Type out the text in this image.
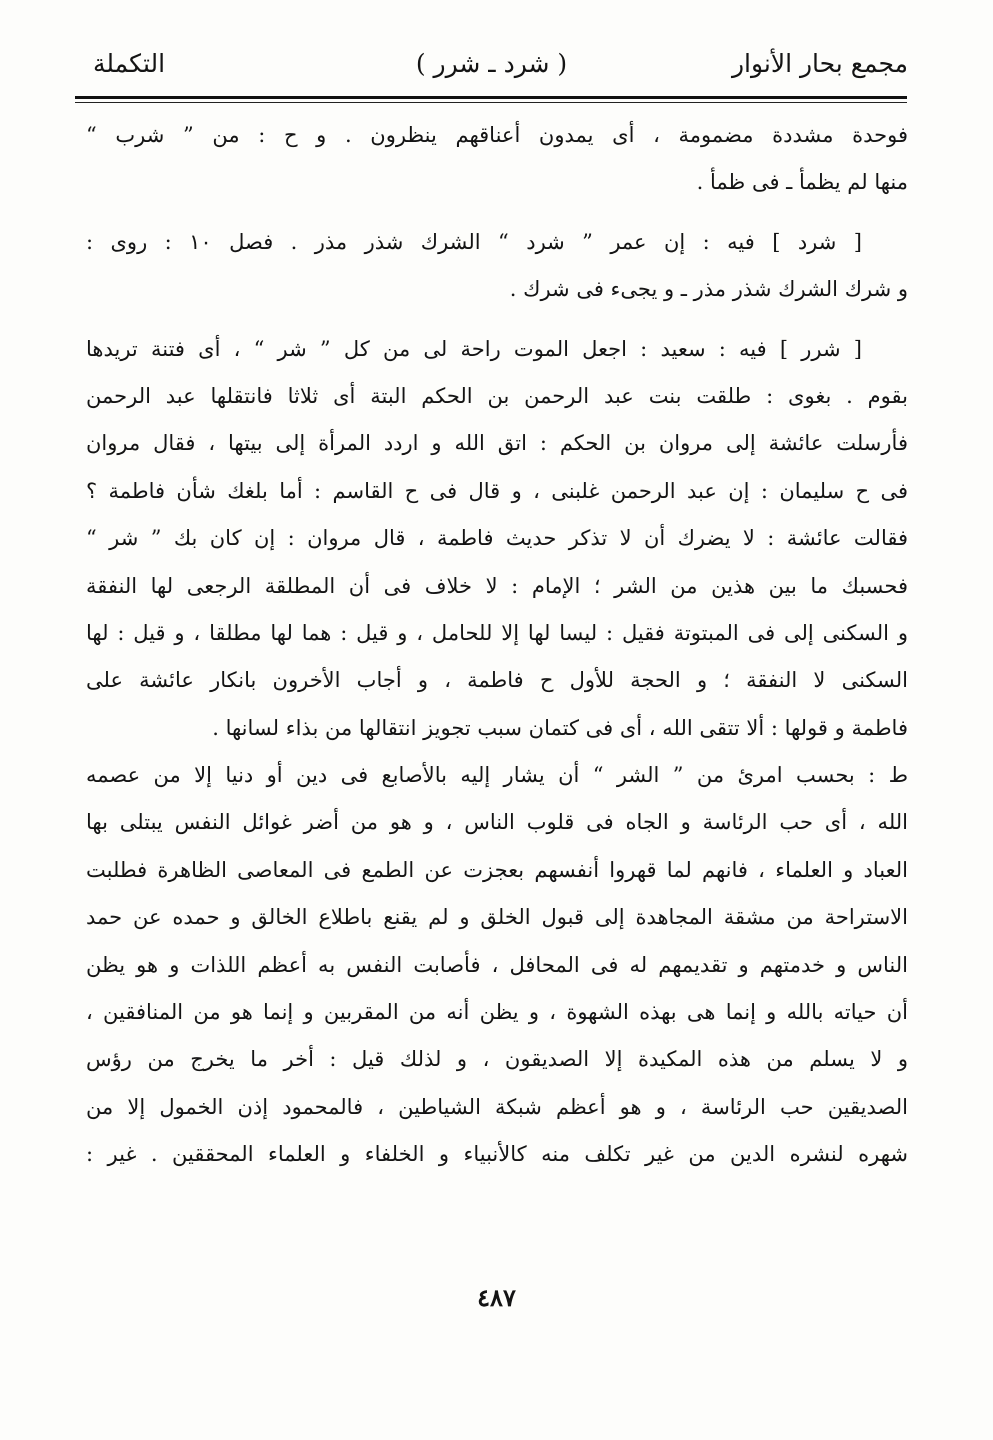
مجمع بحار الأنوار
( شرد ـ شرر )
التكملة
فوحدة مشددة مضمومة ، أى يمدون أعناقهم ينظرون . و ح : من ” شرب “
منها لم يظمأ ـ فى ظمأ .
[ شرد ] فيه : إن عمر ” شرد “ الشرك شذر مذر . فصل ١٠ : روى :
و شرك الشرك شذر مذر ـ و يجىء فى شرك .
[ شرر ] فيه : سعيد : اجعل الموت راحة لى من كل ” شر “ ، أى فتنة تريدها
بقوم . بغوى : طلقت بنت عبد الرحمن بن الحكم البتة أى ثلاثا فانتقلها عبد الرحمن
فأرسلت عائشة إلى مروان بن الحكم : اتق الله و اردد المرأة إلى بيتها ، فقال مروان
فى ح سليمان : إن عبد الرحمن غلبنى ، و قال فى ح القاسم : أما بلغك شأن فاطمة ؟
فقالت عائشة : لا يضرك أن لا تذكر حديث فاطمة ، قال مروان : إن كان بك ” شر “
فحسبك ما بين هذين من الشر ؛ الإمام : لا خلاف فى أن المطلقة الرجعى لها النفقة
و السكنى إلى فى المبتوتة فقيل : ليسا لها إلا للحامل ، و قيل : هما لها مطلقا ، و قيل : لها
السكنى لا النفقة ؛ و الحجة للأول ح فاطمة ، و أجاب الأخرون بانكار عائشة على
فاطمة و قولها : ألا تتقى الله ، أى فى كتمان سبب تجويز انتقالها من بذاء لسانها .
ط : بحسب امرئ من ” الشر “ أن يشار إليه بالأصابع فى دين أو دنيا إلا من عصمه
الله ، أى حب الرئاسة و الجاه فى قلوب الناس ، و هو من أضر غوائل النفس يبتلى بها
العباد و العلماء ، فانهم لما قهروا أنفسهم بعجزت عن الطمع فى المعاصى الظاهرة فطلبت
الاستراحة من مشقة المجاهدة إلى قبول الخلق و لم يقنع باطلاع الخالق و حمده عن حمد
الناس و خدمتهم و تقديمهم له فى المحافل ، فأصابت النفس به أعظم اللذات و هو يظن
أن حياته بالله و إنما هى بهذه الشهوة ، و يظن أنه من المقربين و إنما هو من المنافقين ،
و لا يسلم من هذه المكيدة إلا الصديقون ، و لذلك قيل : أخر ما يخرج من رؤس
الصديقين حب الرئاسة ، و هو أعظم شبكة الشياطين ، فالمحمود إذن الخمول إلا من
شهره لنشره الدين من غير تكلف منه كالأنبياء و الخلفاء و العلماء المحققين . غير :
٤٨٧
